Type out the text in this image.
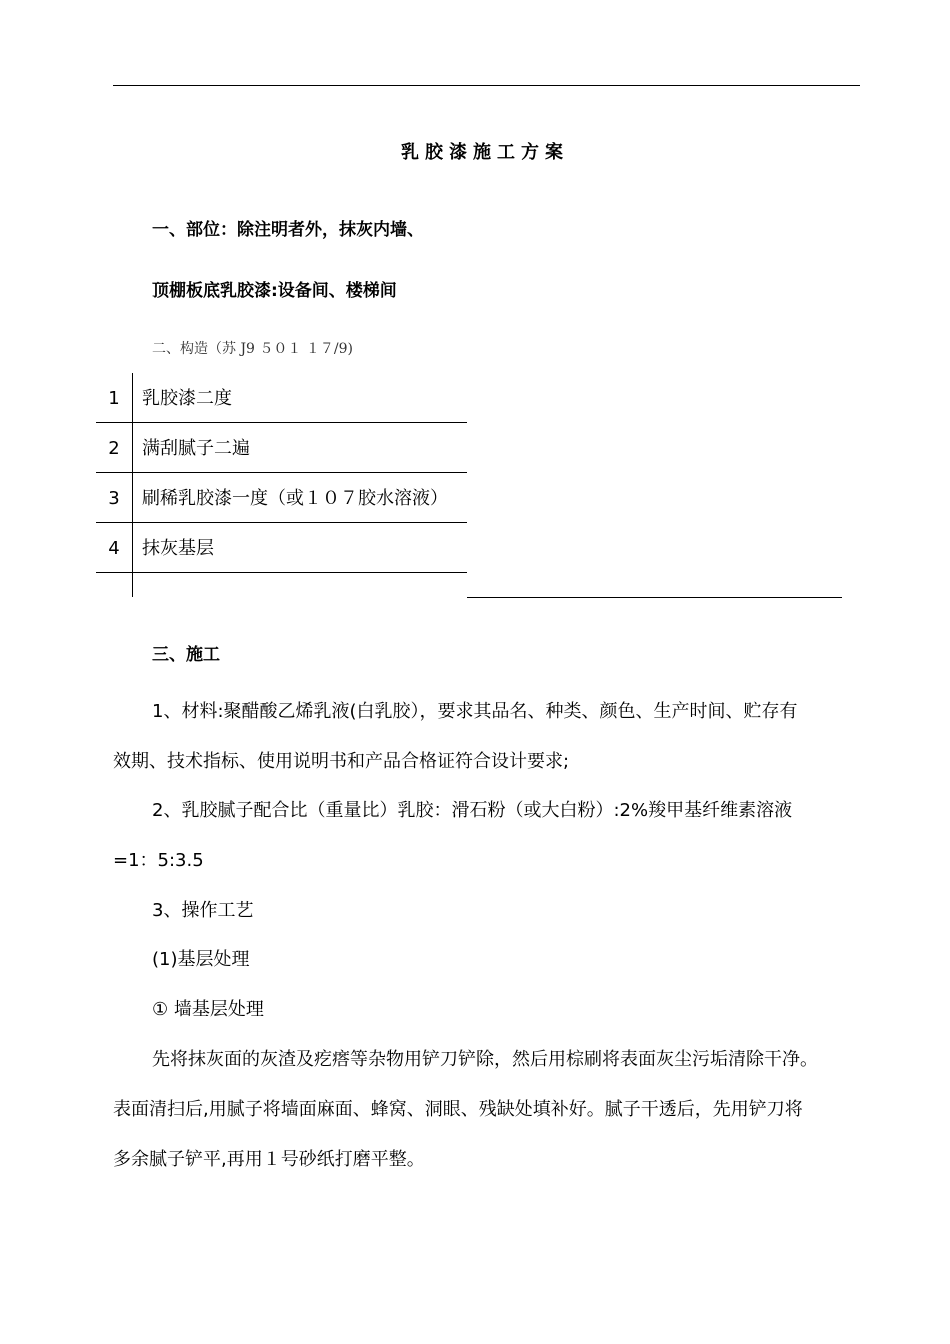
乳胶漆施工方案
一、部位：除注明者外，抹灰内墙、
顶棚板底乳胶漆:设备间、楼梯间
二、构造（苏 J9 ５０１ １７/9)
1	乳胶漆二度
2	满刮腻子二遍
3	刷稀乳胶漆一度（或１０７胶水溶液）
4	抹灰基层
三、施工
1、材料:聚醋酸乙烯乳液(白乳胶），要求其品名、种类、颜色、生产时间、贮存有
效期、技术指标、使用说明书和产品合格证符合设计要求;
2、乳胶腻子配合比（重量比）乳胶：滑石粉（或大白粉）:2%羧甲基纤维素溶液
=1：5:3.5
3、操作工艺
(1)基层处理
① 墙基层处理
先将抹灰面的灰渣及疙瘩等杂物用铲刀铲除，然后用棕刷将表面灰尘污垢清除干净。
表面清扫后,用腻子将墙面麻面、蜂窝、洞眼、残缺处填补好。腻子干透后，先用铲刀将
多余腻子铲平,再用１号砂纸打磨平整。
